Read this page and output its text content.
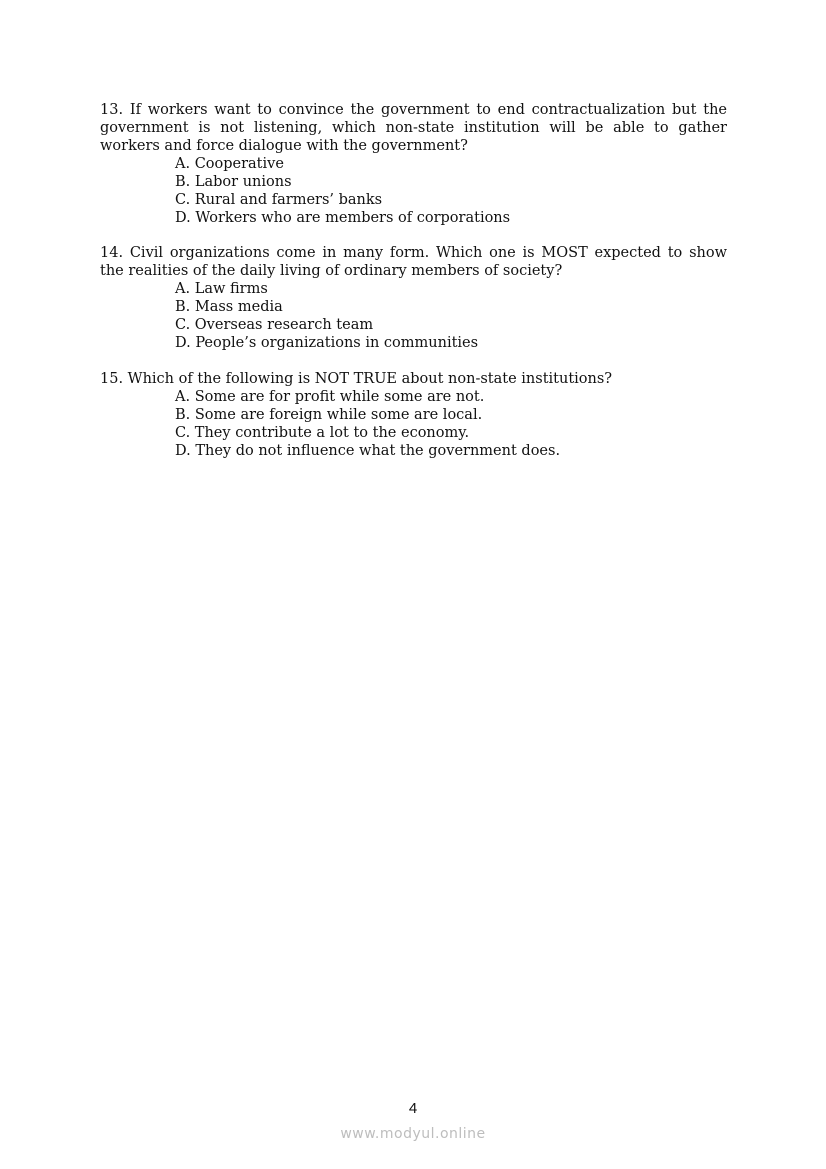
13. If workers want to convince the government to end contractualization but the government is not listening, which non-state institution will be able to gather workers and force dialogue with the government?

A. Cooperative
B. Labor unions
C. Rural and farmers’ banks
D. Workers who are members of corporations

14. Civil organizations come in many form. Which one is MOST expected to show the realities of the daily living of ordinary members of society?

A. Law firms
B. Mass media
C. Overseas research team
D. People’s organizations in communities

15. Which of the following is NOT TRUE about non-state institutions?

A. Some are for profit while some are not.
B. Some are foreign while some are local.
C. They contribute a lot to the economy.
D. They do not influence what the government does.
4
www.modyul.online
